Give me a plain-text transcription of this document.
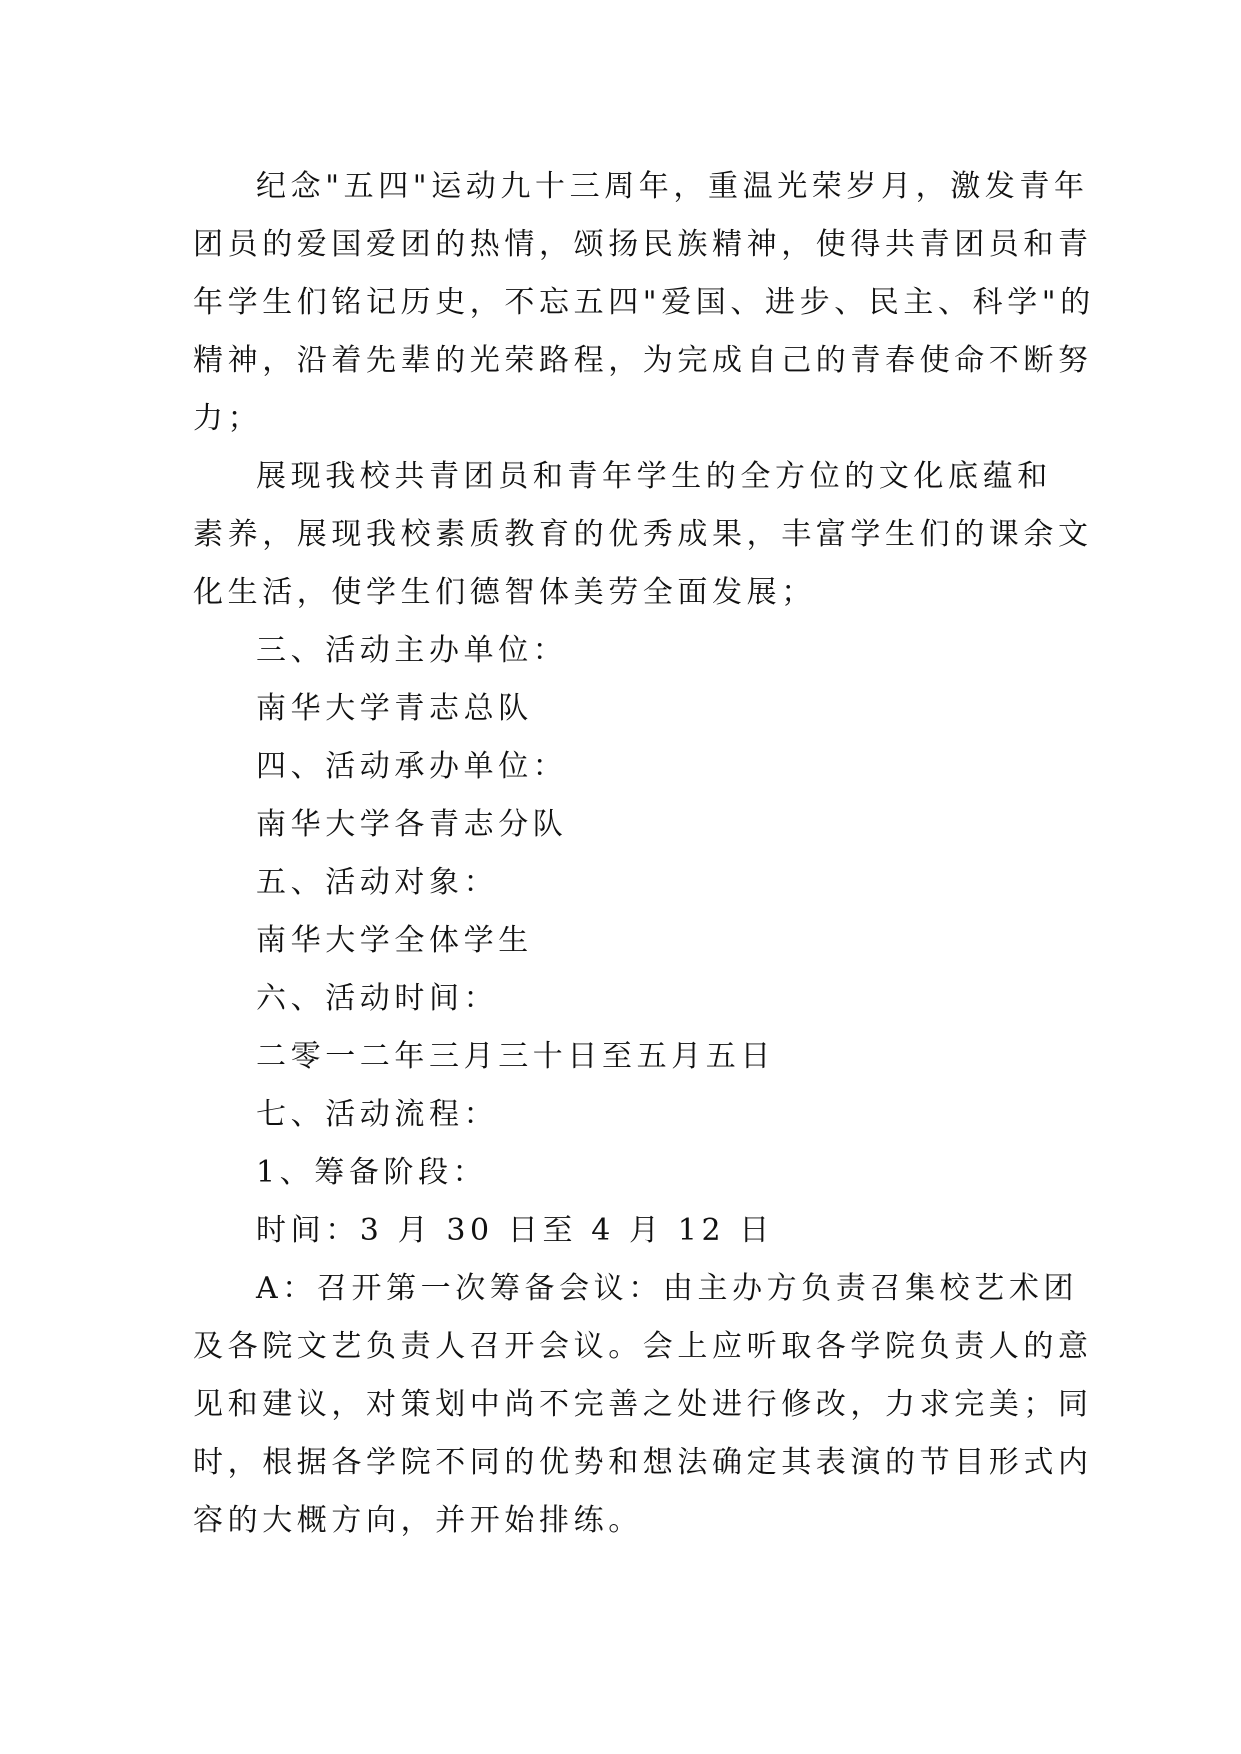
纪念"五四"运动九十三周年，重温光荣岁月，激发青年
团员的爱国爱团的热情，颂扬民族精神，使得共青团员和青
年学生们铭记历史，不忘五四"爱国、进步、民主、科学"的
精神，沿着先辈的光荣路程，为完成自己的青春使命不断努
力；
展现我校共青团员和青年学生的全方位的文化底蕴和
素养，展现我校素质教育的优秀成果，丰富学生们的课余文
化生活，使学生们德智体美劳全面发展；
三、活动主办单位：
南华大学青志总队
四、活动承办单位：
南华大学各青志分队
五、活动对象：
南华大学全体学生
六、活动时间：
二零一二年三月三十日至五月五日
七、活动流程：
1、筹备阶段：
时间：3 月 30 日至 4 月 12 日
A：召开第一次筹备会议：由主办方负责召集校艺术团
及各院文艺负责人召开会议。会上应听取各学院负责人的意
见和建议，对策划中尚不完善之处进行修改，力求完美；同
时，根据各学院不同的优势和想法确定其表演的节目形式内
容的大概方向，并开始排练。
